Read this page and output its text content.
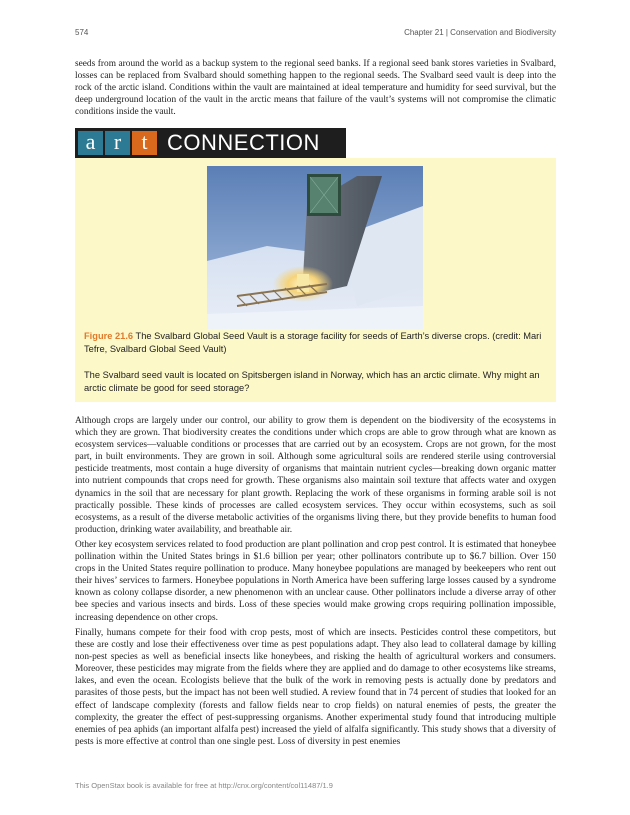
574	Chapter 21 | Conservation and Biodiversity

seeds from around the world as a backup system to the regional seed banks. If a regional seed bank stores varieties in Svalbard, losses can be replaced from Svalbard should something happen to the regional seeds. The Svalbard seed vault is deep into the rock of the arctic island. Conditions within the vault are maintained at ideal temperature and humidity for seed survival, but the deep underground location of the vault in the arctic means that failure of the vault’s systems will not compromise the climatic conditions inside the vault.

a r t CONNECTION

Figure 21.6 The Svalbard Global Seed Vault is a storage facility for seeds of Earth’s diverse crops. (credit: Mari Tefre, Svalbard Global Seed Vault)

The Svalbard seed vault is located on Spitsbergen island in Norway, which has an arctic climate. Why might an arctic climate be good for seed storage?

Although crops are largely under our control, our ability to grow them is dependent on the biodiversity of the ecosystems in which they are grown. That biodiversity creates the conditions under which crops are able to grow through what are known as ecosystem services—valuable conditions or processes that are carried out by an ecosystem. Crops are not grown, for the most part, in built environments. They are grown in soil. Although some agricultural soils are rendered sterile using controversial pesticide treatments, most contain a huge diversity of organisms that maintain nutrient cycles—breaking down organic matter into nutrient compounds that crops need for growth. These organisms also maintain soil texture that affects water and oxygen dynamics in the soil that are necessary for plant growth. Replacing the work of these organisms in forming arable soil is not practically possible. These kinds of processes are called ecosystem services. They occur within ecosystems, such as soil ecosystems, as a result of the diverse metabolic activities of the organisms living there, but they provide benefits to human food production, drinking water availability, and breathable air.

Other key ecosystem services related to food production are plant pollination and crop pest control. It is estimated that honeybee pollination within the United States brings in $1.6 billion per year; other pollinators contribute up to $6.7 billion. Over 150 crops in the United States require pollination to produce. Many honeybee populations are managed by beekeepers who rent out their hives’ services to farmers. Honeybee populations in North America have been suffering large losses caused by a syndrome known as colony collapse disorder, a new phenomenon with an unclear cause. Other pollinators include a diverse array of other bee species and various insects and birds. Loss of these species would make growing crops requiring pollination impossible, increasing dependence on other crops.

Finally, humans compete for their food with crop pests, most of which are insects. Pesticides control these competitors, but these are costly and lose their effectiveness over time as pest populations adapt. They also lead to collateral damage by killing non-pest species as well as beneficial insects like honeybees, and risking the health of agricultural workers and consumers. Moreover, these pesticides may migrate from the fields where they are applied and do damage to other ecosystems like streams, lakes, and even the ocean. Ecologists believe that the bulk of the work in removing pests is actually done by predators and parasites of those pests, but the impact has not been well studied. A review found that in 74 percent of studies that looked for an effect of landscape complexity (forests and fallow fields near to crop fields) on natural enemies of pests, the greater the complexity, the greater the effect of pest-suppressing organisms. Another experimental study found that introducing multiple enemies of pea aphids (an important alfalfa pest) increased the yield of alfalfa significantly. This study shows that a diversity of pests is more effective at control than one single pest. Loss of diversity in pest enemies

This OpenStax book is available for free at http://cnx.org/content/col11487/1.9
